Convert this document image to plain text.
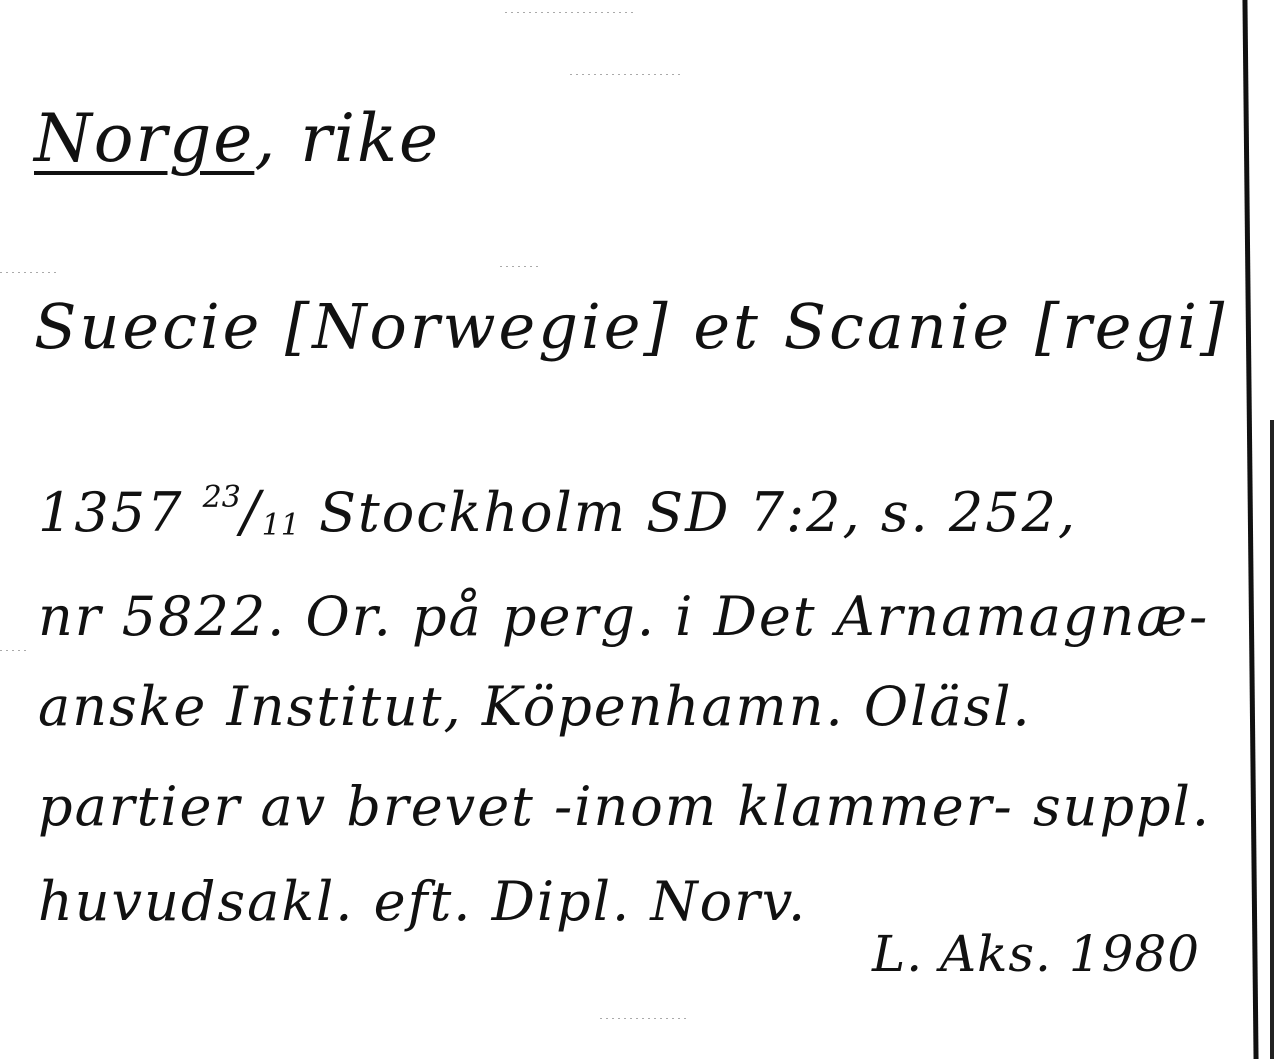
Norge, rike
Suecie [Norwegie] et Scanie [regi]
1357 $^{23}/_{11}$ Stockholm SD 7:2, s. 252,
nr 5822. Or. på perg. i Det Arnamagnæ-
anske Institut, Köpenhamn. Oläsl.
partier av brevet -inom klammer- suppl.
huvudsakl. eft. Dipl. Norv.
L. Aks. 1980
